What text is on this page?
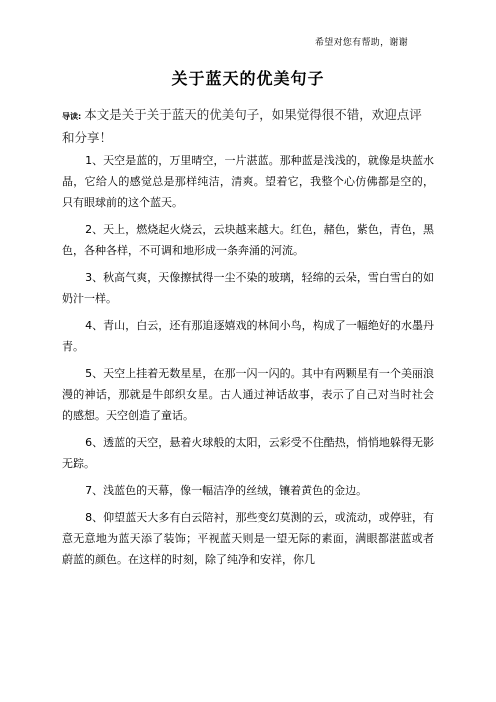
希望对您有帮助，谢谢
关于蓝天的优美句子
导读: 本文是关于关于蓝天的优美句子，如果觉得很不错，欢迎点评和分享！

1、天空是蓝的，万里晴空，一片湛蓝。那种蓝是浅浅的，就像是块蓝水晶，它给人的感觉总是那样纯洁，清爽。望着它，我整个心仿佛都是空的，只有眼球前的这个蓝天。

2、天上，燃烧起火烧云，云块越来越大。红色，赭色，紫色，青色，黑色，各种各样，不可调和地形成一条奔涌的河流。

3、秋高气爽，天像擦拭得一尘不染的玻璃，轻绵的云朵，雪白雪白的如奶汁一样。

4、青山，白云，还有那追逐嬉戏的林间小鸟，构成了一幅绝好的水墨丹青。

5、天空上挂着无数星星，在那一闪一闪的。其中有两颗星有一个美丽浪漫的神话，那就是牛郎织女星。古人通过神话故事，表示了自己对当时社会的感想。天空创造了童话。

6、透蓝的天空，悬着火球般的太阳，云彩受不住酷热，悄悄地躲得无影无踪。

7、浅蓝色的天幕，像一幅洁净的丝绒，镶着黄色的金边。

8、仰望蓝天大多有白云陪衬，那些变幻莫测的云，或流动，或停驻，有意无意地为蓝天添了装饰；平视蓝天则是一望无际的素面，满眼都湛蓝或者蔚蓝的颜色。在这样的时刻，除了纯净和安祥，你几
